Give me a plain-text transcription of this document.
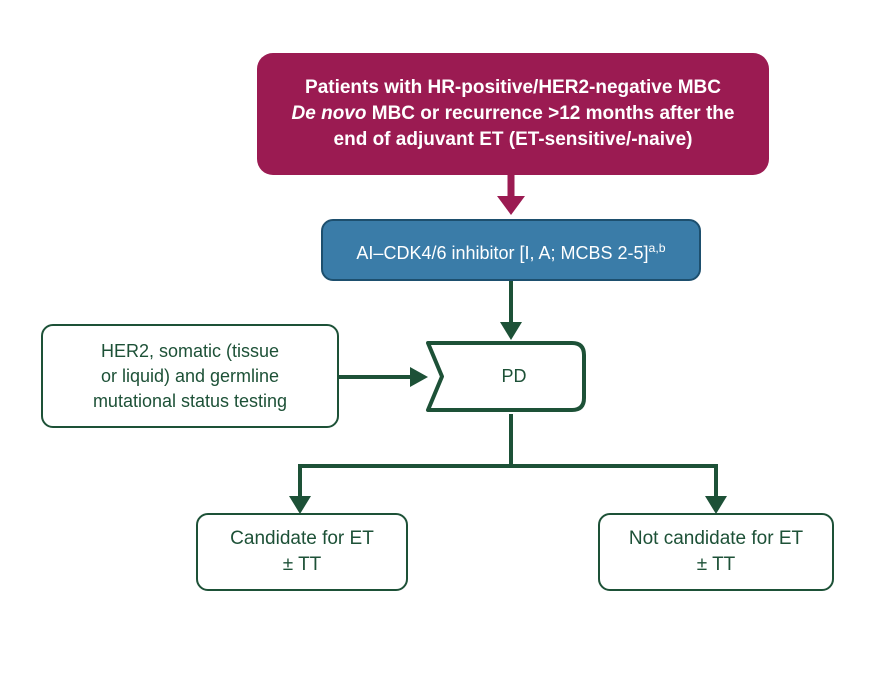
Patients with HR-positive/HER2-negative MBC
De novo MBC or recurrence >12 months after the
end of adjuvant ET (ET-sensitive/-naive)
AI–CDK4/6 inhibitor [I, A; MCBS 2-5]$^{a,b}$
HER2, somatic (tissue
or liquid) and germline
mutational status testing
PD
Candidate for ET
± TT
Not candidate for ET
± TT
